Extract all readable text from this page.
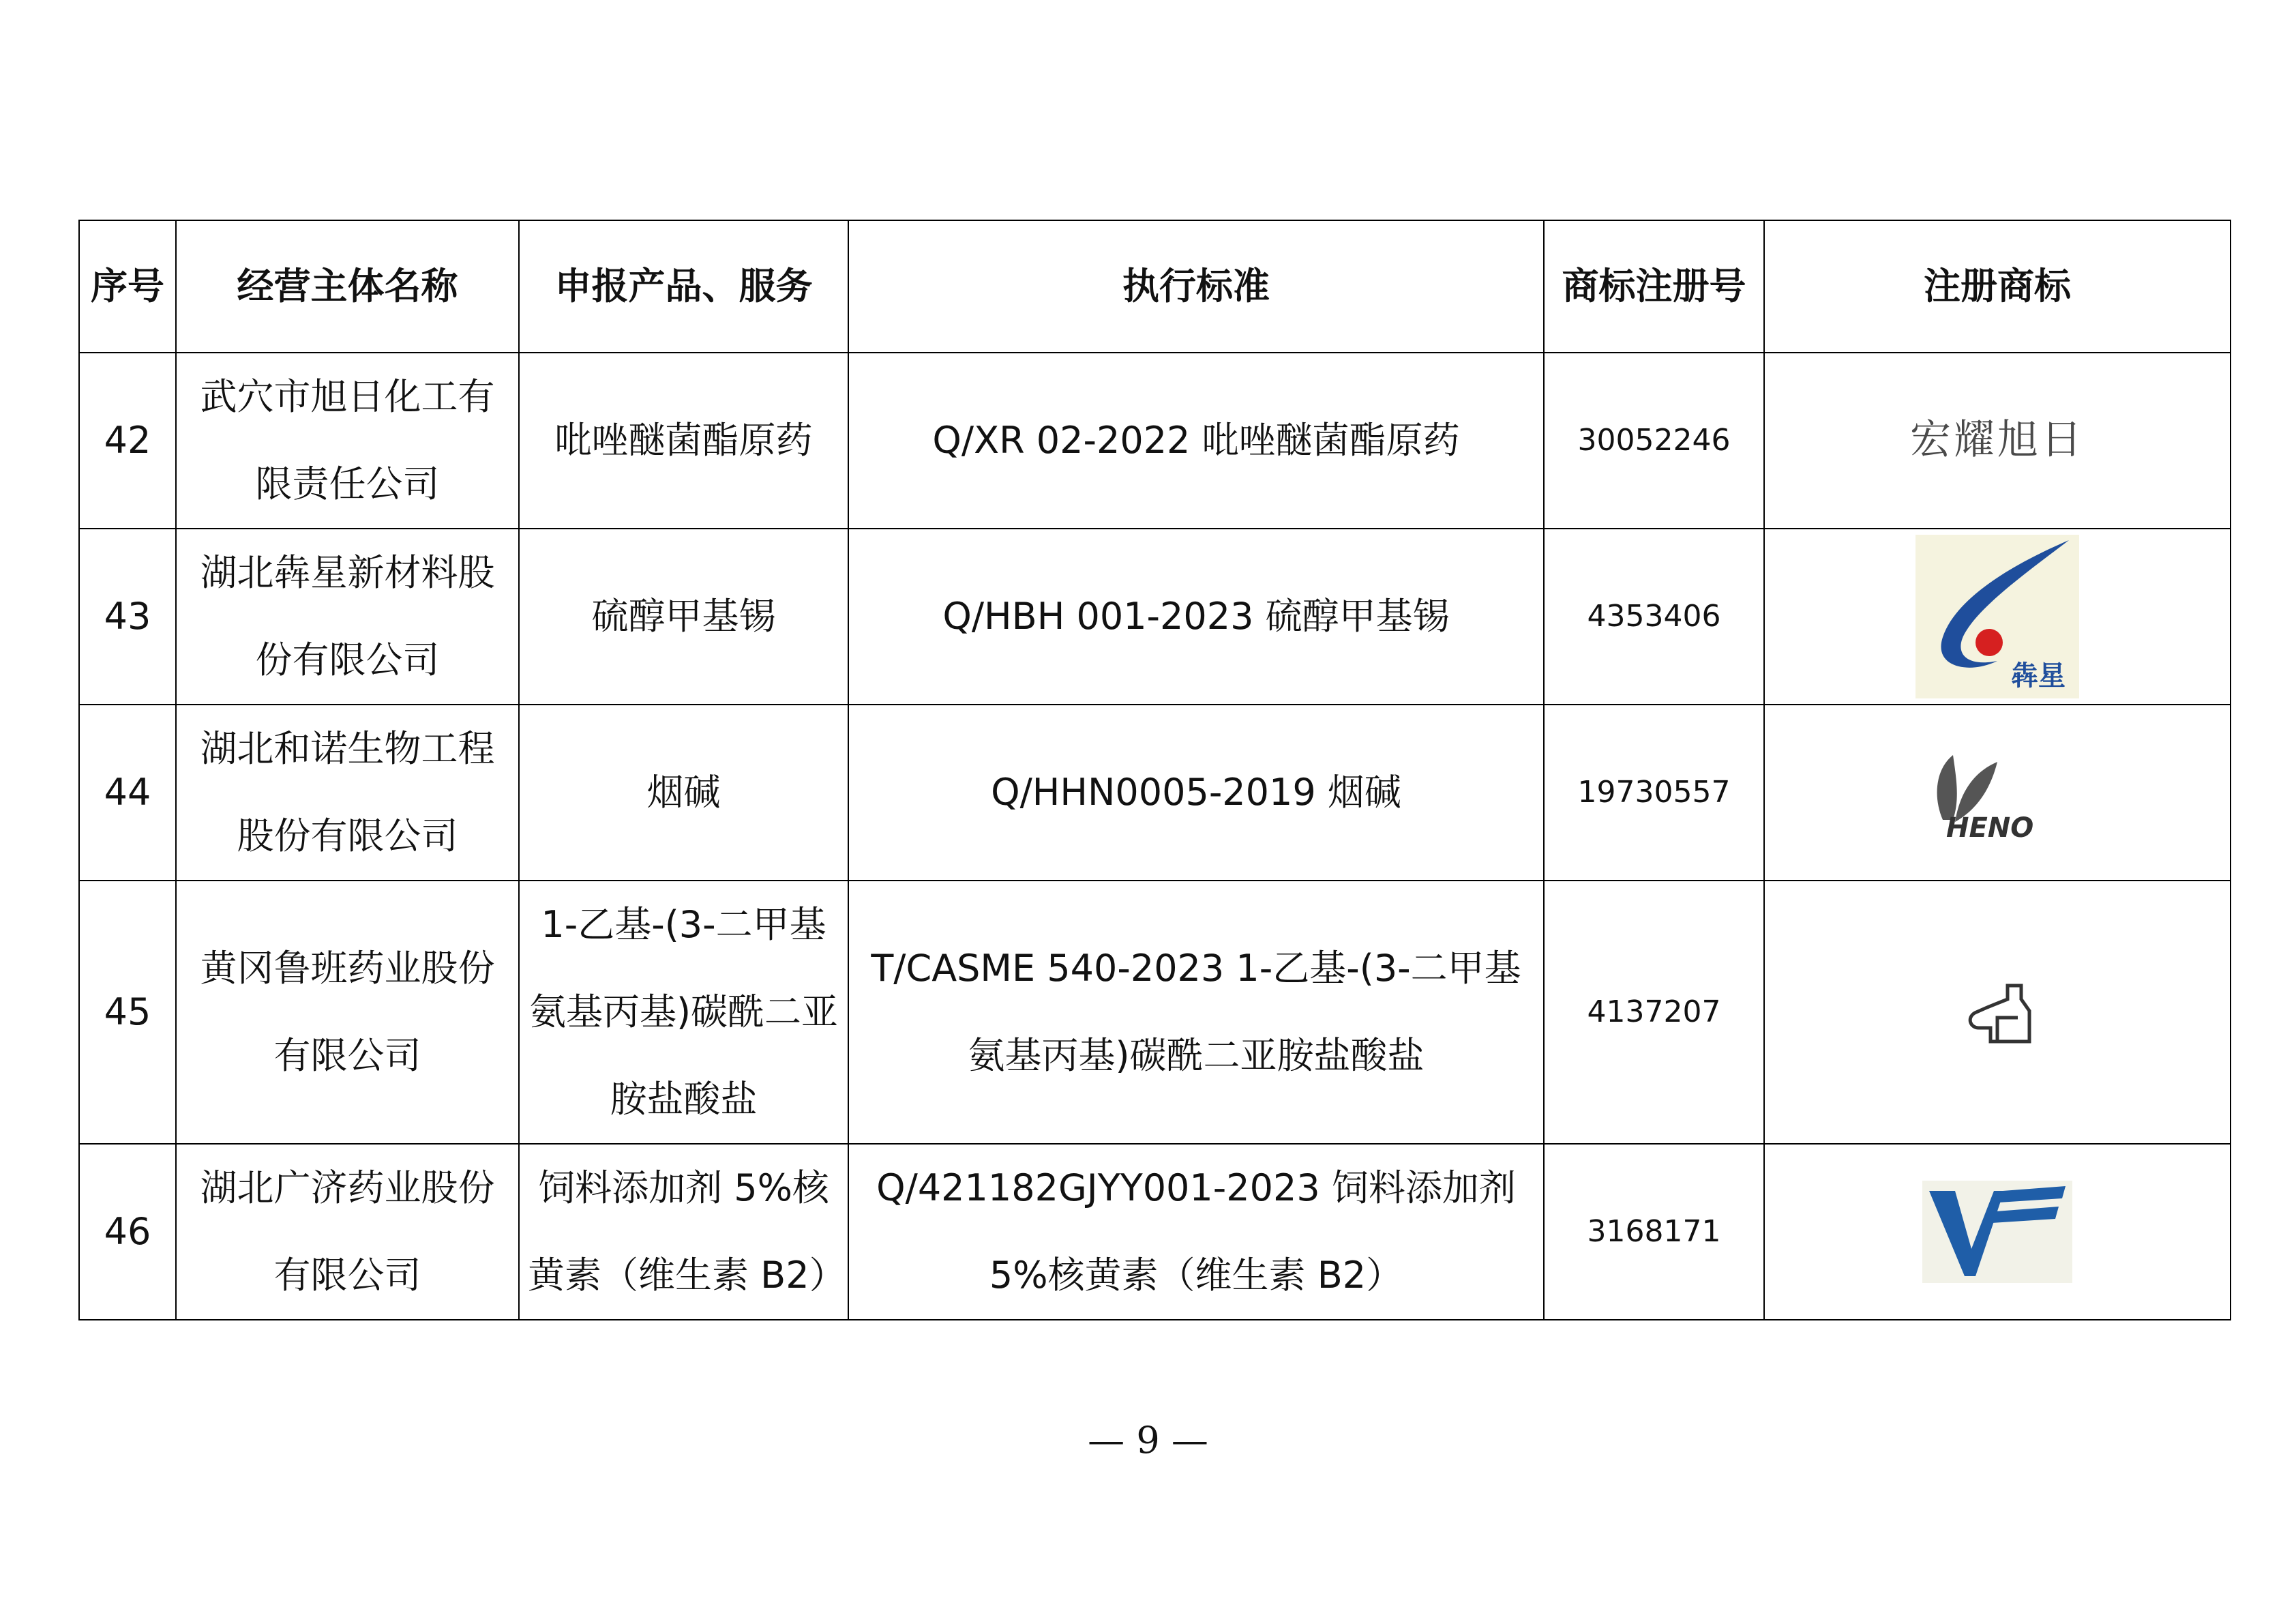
序号	经营主体名称	申报产品、服务	执行标准	商标注册号	注册商标
42	武穴市旭日化工有限责任公司	吡唑醚菌酯原药	Q/XR 02-2022 吡唑醚菌酯原药	30052246	宏耀旭日
43	湖北犇星新材料股份有限公司	硫醇甲基锡	Q/HBH 001-2023 硫醇甲基锡	4353406	犇星

44	湖北和诺生物工程股份有限公司	烟碱	Q/HHN0005-2019 烟碱	19730557	HENO

45	黄冈鲁班药业股份有限公司	1-乙基-(3-二甲基氨基丙基)碳酰二亚胺盐酸盐	T/CASME 540-2023 1-乙基-(3-二甲基氨基丙基)碳酰二亚胺盐酸盐	4137207	
46	湖北广济药业股份有限公司	饲料添加剂 5%核黄素（维生素 B2）	Q/421182GJYY001-2023 饲料添加剂 5%核黄素（维生素 B2）	3168171	
— 9 —
